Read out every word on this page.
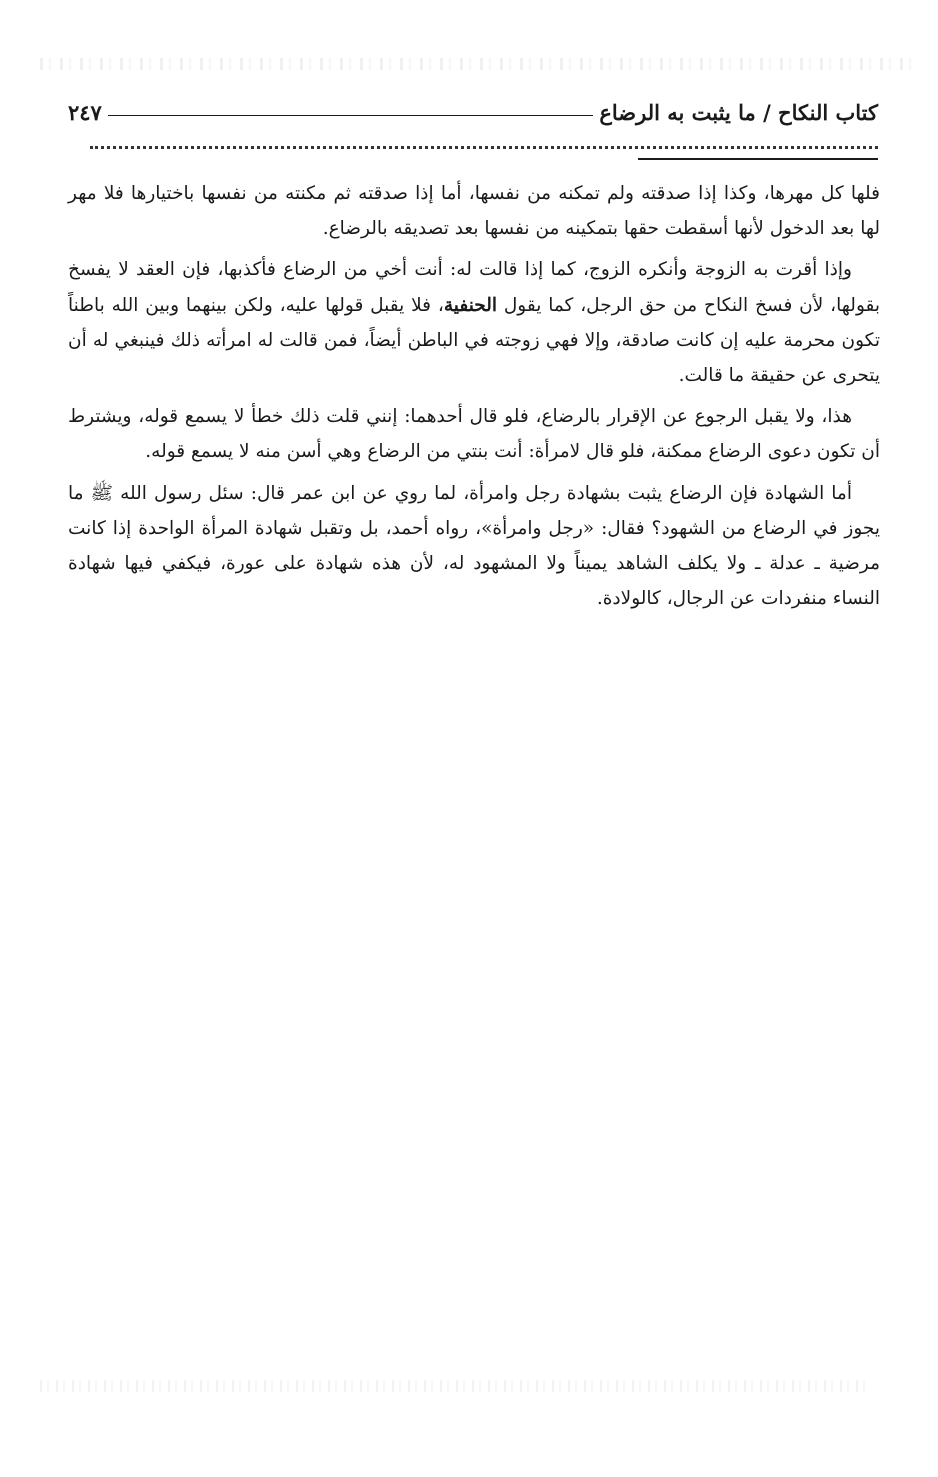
كتاب النكاح / ما يثبت به الرضاع
٢٤٧

فلها كل مهرها، وكذا إذا صدقته ولم تمكنه من نفسها، أما إذا صدقته ثم مكنته من نفسها باختيارها فلا مهر لها بعد الدخول لأنها أسقطت حقها بتمكينه من نفسها بعد تصديقه بالرضاع.

وإذا أقرت به الزوجة وأنكره الزوج، كما إذا قالت له: أنت أخي من الرضاع فأكذبها، فإن العقد لا يفسخ بقولها، لأن فسخ النكاح من حق الرجل، كما يقول الحنفية، فلا يقبل قولها عليه، ولكن بينهما وبين الله باطناً تكون محرمة عليه إن كانت صادقة، وإلا فهي زوجته في الباطن أيضاً، فمن قالت له امرأته ذلك فينبغي له أن يتحرى عن حقيقة ما قالت.

هذا، ولا يقبل الرجوع عن الإقرار بالرضاع، فلو قال أحدهما: إنني قلت ذلك خطأ لا يسمع قوله، ويشترط أن تكون دعوى الرضاع ممكنة، فلو قال لامرأة: أنت بنتي من الرضاع وهي أسن منه لا يسمع قوله.

أما الشهادة فإن الرضاع يثبت بشهادة رجل وامرأة، لما روي عن ابن عمر قال: سئل رسول الله ﷺ ما يجوز في الرضاع من الشهود؟ فقال: «رجل وامرأة»، رواه أحمد، بل وتقبل شهادة المرأة الواحدة إذا كانت مرضية ـ عدلة ـ ولا يكلف الشاهد يميناً ولا المشهود له، لأن هذه شهادة على عورة، فيكفي فيها شهادة النساء منفردات عن الرجال، كالولادة.
